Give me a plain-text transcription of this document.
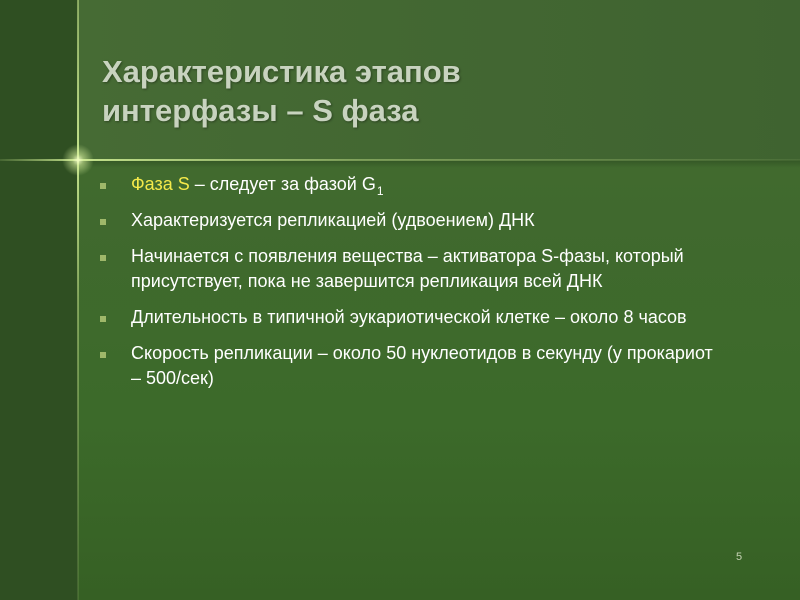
Характеристика этапов
интерфазы – S фаза
Фаза S – следует за фазой $G_1$
Характеризуется репликацией (удвоением) ДНК
Начинается с появления вещества – активатора S-фазы, который присутствует, пока не завершится репликация всей ДНК
Длительность в типичной эукариотической клетке – около 8 часов
Скорость репликации – около 50 нуклеотидов в секунду (у прокариот – 500/сек)
5
